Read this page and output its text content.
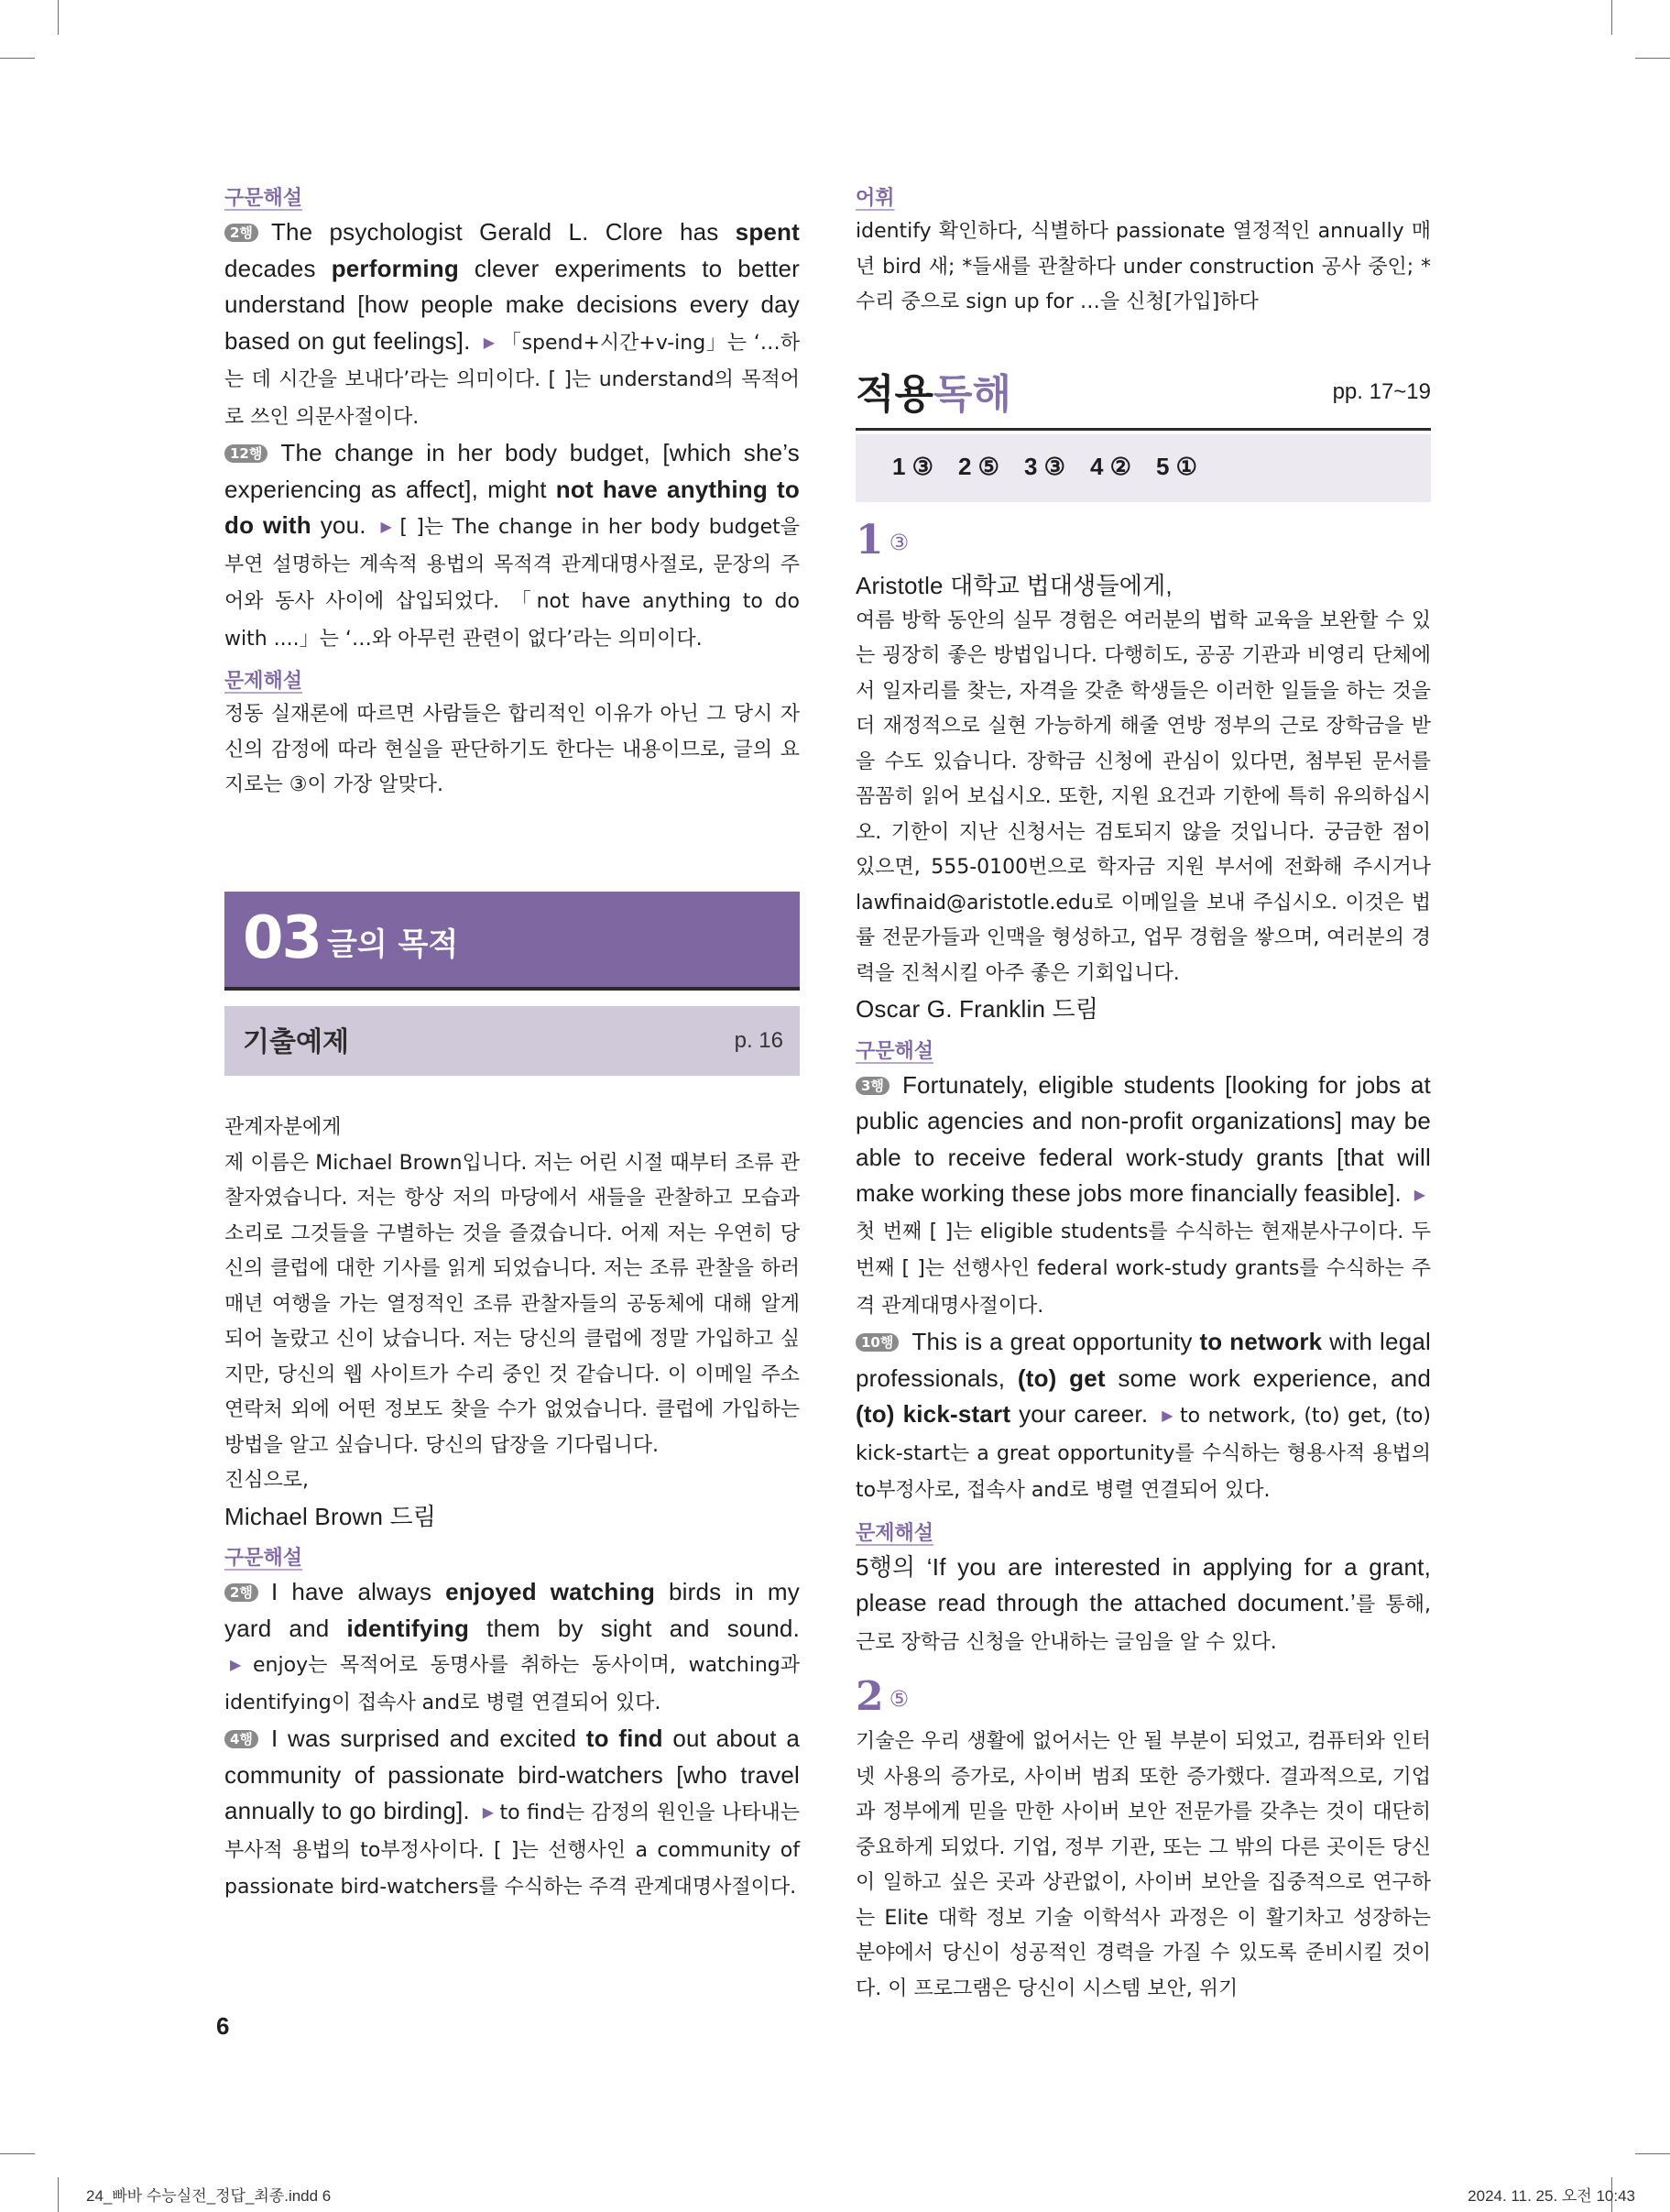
구문해설

2행 The psychologist Gerald L. Clore has spent decades performing clever experiments to better understand [how people make decisions every day based on gut feelings]. ▶ 「spend+시간+v-ing」는 ‘…하는 데 시간을 보내다’라는 의미이다. [ ]는 understand의 목적어로 쓰인 의문사절이다.

12행 The change in her body budget, [which she’s experiencing as affect], might not have anything to do with you. ▶ [ ]는 The change in her body budget을 부연 설명하는 계속적 용법의 목적격 관계대명사절로, 문장의 주어와 동사 사이에 삽입되었다. 「not have anything to do with ....」는 ‘…와 아무런 관련이 없다’라는 의미이다.

문제해설

정동 실재론에 따르면 사람들은 합리적인 이유가 아닌 그 당시 자신의 감정에 따라 현실을 판단하기도 한다는 내용이므로, 글의 요지로는 ③이 가장 알맞다.

03 글의 목적
기출예제	p. 16

관계자분에게

제 이름은 Michael Brown입니다. 저는 어린 시절 때부터 조류 관찰자였습니다. 저는 항상 저의 마당에서 새들을 관찰하고 모습과 소리로 그것들을 구별하는 것을 즐겼습니다. 어제 저는 우연히 당신의 클럽에 대한 기사를 읽게 되었습니다. 저는 조류 관찰을 하러 매년 여행을 가는 열정적인 조류 관찰자들의 공동체에 대해 알게 되어 놀랐고 신이 났습니다. 저는 당신의 클럽에 정말 가입하고 싶지만, 당신의 웹 사이트가 수리 중인 것 같습니다. 이 이메일 주소 연락처 외에 어떤 정보도 찾을 수가 없었습니다. 클럽에 가입하는 방법을 알고 싶습니다. 당신의 답장을 기다립니다.

진심으로,

Michael Brown 드림

구문해설

2행 I have always enjoyed watching birds in my yard and identifying them by sight and sound. ▶ enjoy는 목적어로 동명사를 취하는 동사이며, watching과 identifying이 접속사 and로 병렬 연결되어 있다.

4행 I was surprised and excited to find out about a community of passionate bird-watchers [who travel annually to go birding]. ▶ to find는 감정의 원인을 나타내는 부사적 용법의 to부정사이다. [ ]는 선행사인 a community of passionate bird-watchers를 수식하는 주격 관계대명사절이다.

어휘

identify 확인하다, 식별하다 passionate 열정적인 annually 매년 bird 새; *들새를 관찰하다 under construction 공사 중인; *수리 중으로 sign up for …을 신청[가입]하다

적용독해	pp. 17~19
1 ③ 2 ⑤ 3 ③ 4 ② 5 ①
1 ③

Aristotle 대학교 법대생들에게,

여름 방학 동안의 실무 경험은 여러분의 법학 교육을 보완할 수 있는 굉장히 좋은 방법입니다. 다행히도, 공공 기관과 비영리 단체에서 일자리를 찾는, 자격을 갖춘 학생들은 이러한 일들을 하는 것을 더 재정적으로 실현 가능하게 해줄 연방 정부의 근로 장학금을 받을 수도 있습니다. 장학금 신청에 관심이 있다면, 첨부된 문서를 꼼꼼히 읽어 보십시오. 또한, 지원 요건과 기한에 특히 유의하십시오. 기한이 지난 신청서는 검토되지 않을 것입니다. 궁금한 점이 있으면, 555-0100번으로 학자금 지원 부서에 전화해 주시거나 lawfinaid@aristotle.edu로 이메일을 보내 주십시오. 이것은 법률 전문가들과 인맥을 형성하고, 업무 경험을 쌓으며, 여러분의 경력을 진척시킬 아주 좋은 기회입니다.

Oscar G. Franklin 드림

구문해설

3행 Fortunately, eligible students [looking for jobs at public agencies and non-profit organizations] may be able to receive federal work-study grants [that will make working these jobs more financially feasible]. ▶첫 번째 [ ]는 eligible students를 수식하는 현재분사구이다. 두 번째 [ ]는 선행사인 federal work-study grants를 수식하는 주격 관계대명사절이다.

10행 This is a great opportunity to network with legal professionals, (to) get some work experience, and (to) kick-start your career. ▶ to network, (to) get, (to) kick-start는 a great opportunity를 수식하는 형용사적 용법의 to부정사로, 접속사 and로 병렬 연결되어 있다.

문제해설

5행의 ‘If you are interested in applying for a grant, please read through the attached document.’를 통해, 근로 장학금 신청을 안내하는 글임을 알 수 있다.

2 ⑤

기술은 우리 생활에 없어서는 안 될 부분이 되었고, 컴퓨터와 인터넷 사용의 증가로, 사이버 범죄 또한 증가했다. 결과적으로, 기업과 정부에게 믿을 만한 사이버 보안 전문가를 갖추는 것이 대단히 중요하게 되었다. 기업, 정부 기관, 또는 그 밖의 다른 곳이든 당신이 일하고 싶은 곳과 상관없이, 사이버 보안을 집중적으로 연구하는 Elite 대학 정보 기술 이학석사 과정은 이 활기차고 성장하는 분야에서 당신이 성공적인 경력을 가질 수 있도록 준비시킬 것이다. 이 프로그램은 당신이 시스템 보안, 위기

6
24_빠바 수능실전_정답_최종.indd 6	2024. 11. 25. 오전 10:43
